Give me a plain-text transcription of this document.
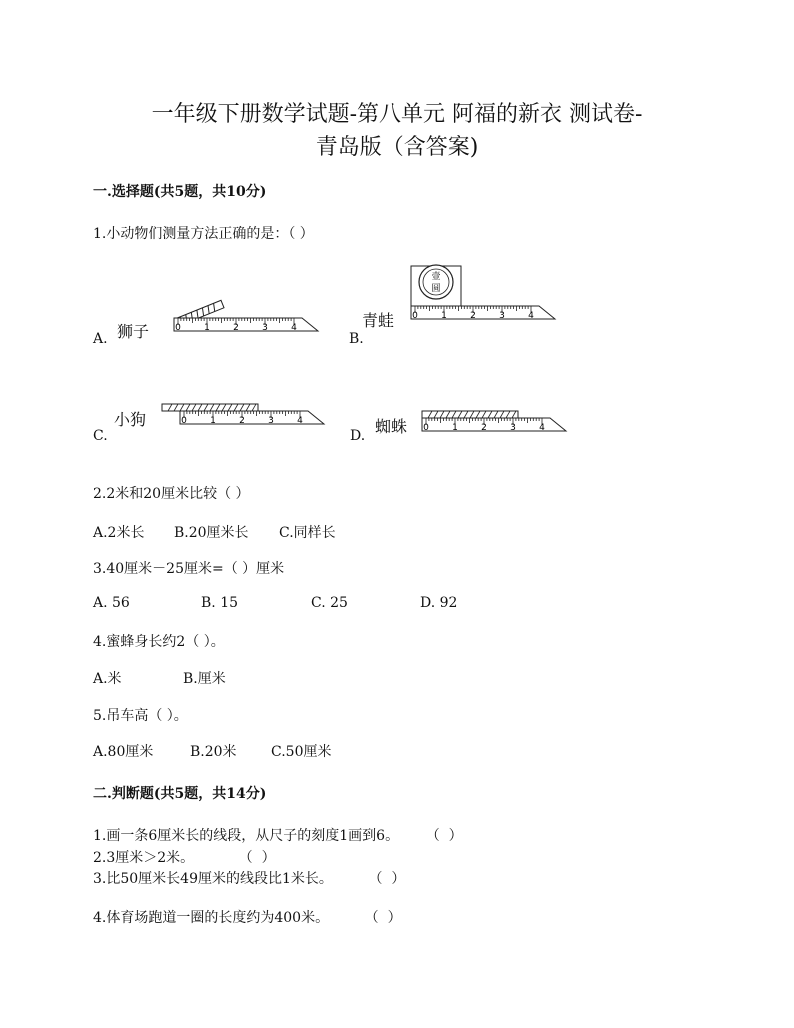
一年级下册数学试题-第八单元 阿福的新衣 测试卷-
青岛版（含答案)
一.选择题(共5题，共10分)
1.小动物们测量方法正确的是：（ ）
A. 狮子	0	1	2	3	4
B.
青蛙
壹
圆
0	1	2	3	4
C.
小狗	0	1	2	3	4
D. 蜘蛛 0	1	2	3	4
2.2米和20厘米比较（ ）
A.2米长 B.20厘米长 C.同样长
3.40厘米－25厘米=（ ）厘米
A. 56	B. 15	C. 25	D. 92
4.蜜蜂身长约2（ ）。
A.米	B.厘米
5.吊车高（ ）。
A.80厘米	B.20米 C.50厘米
二.判断题(共5题，共14分)
1.画一条6厘米长的线段，从尺子的刻度1画到6。      （  ）
2.3厘米＞2米。          （  ）
3.比50厘米长49厘米的线段比1米长。        （  ）
4.体育场跑道一圈的长度约为400米。        （  ）
